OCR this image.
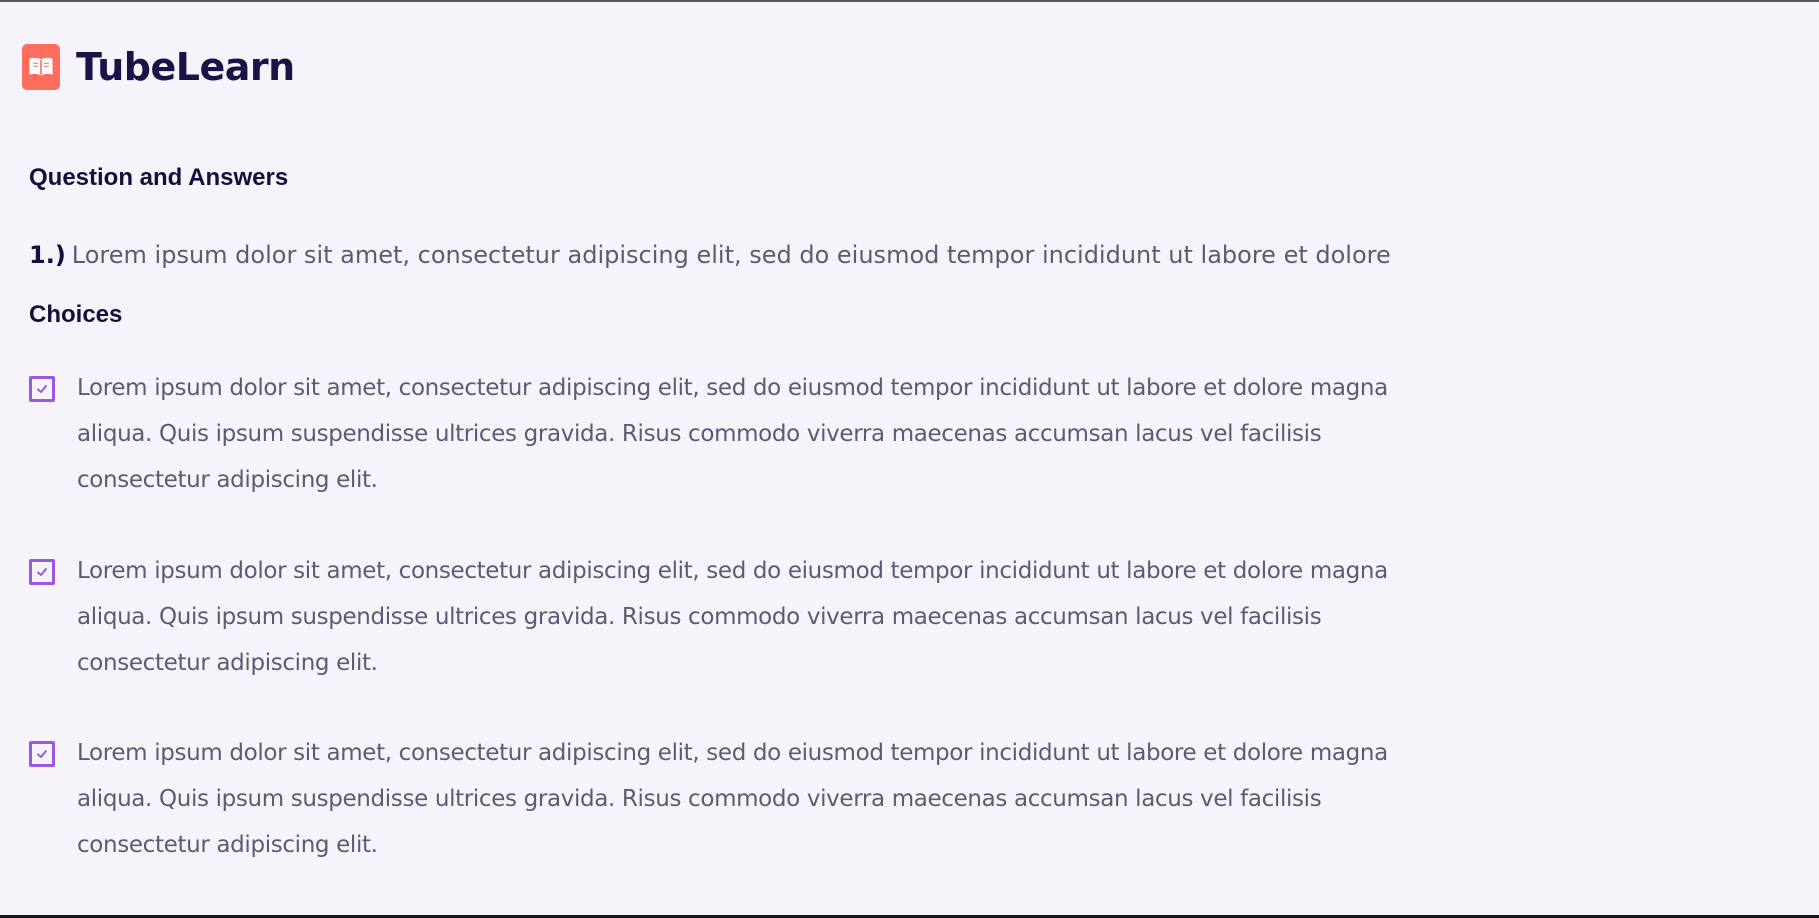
TubeLearn
Question and Answers
1.) Lorem ipsum dolor sit amet, consectetur adipiscing elit, sed do eiusmod tempor incididunt ut labore et dolore
Choices
Lorem ipsum dolor sit amet, consectetur adipiscing elit, sed do eiusmod tempor incididunt ut labore et dolore magna aliqua. Quis ipsum suspendisse ultrices gravida. Risus commodo viverra maecenas accumsan lacus vel facilisis consectetur adipiscing elit.
Lorem ipsum dolor sit amet, consectetur adipiscing elit, sed do eiusmod tempor incididunt ut labore et dolore magna aliqua. Quis ipsum suspendisse ultrices gravida. Risus commodo viverra maecenas accumsan lacus vel facilisis consectetur adipiscing elit.
Lorem ipsum dolor sit amet, consectetur adipiscing elit, sed do eiusmod tempor incididunt ut labore et dolore magna aliqua. Quis ipsum suspendisse ultrices gravida. Risus commodo viverra maecenas accumsan lacus vel facilisis consectetur adipiscing elit.
